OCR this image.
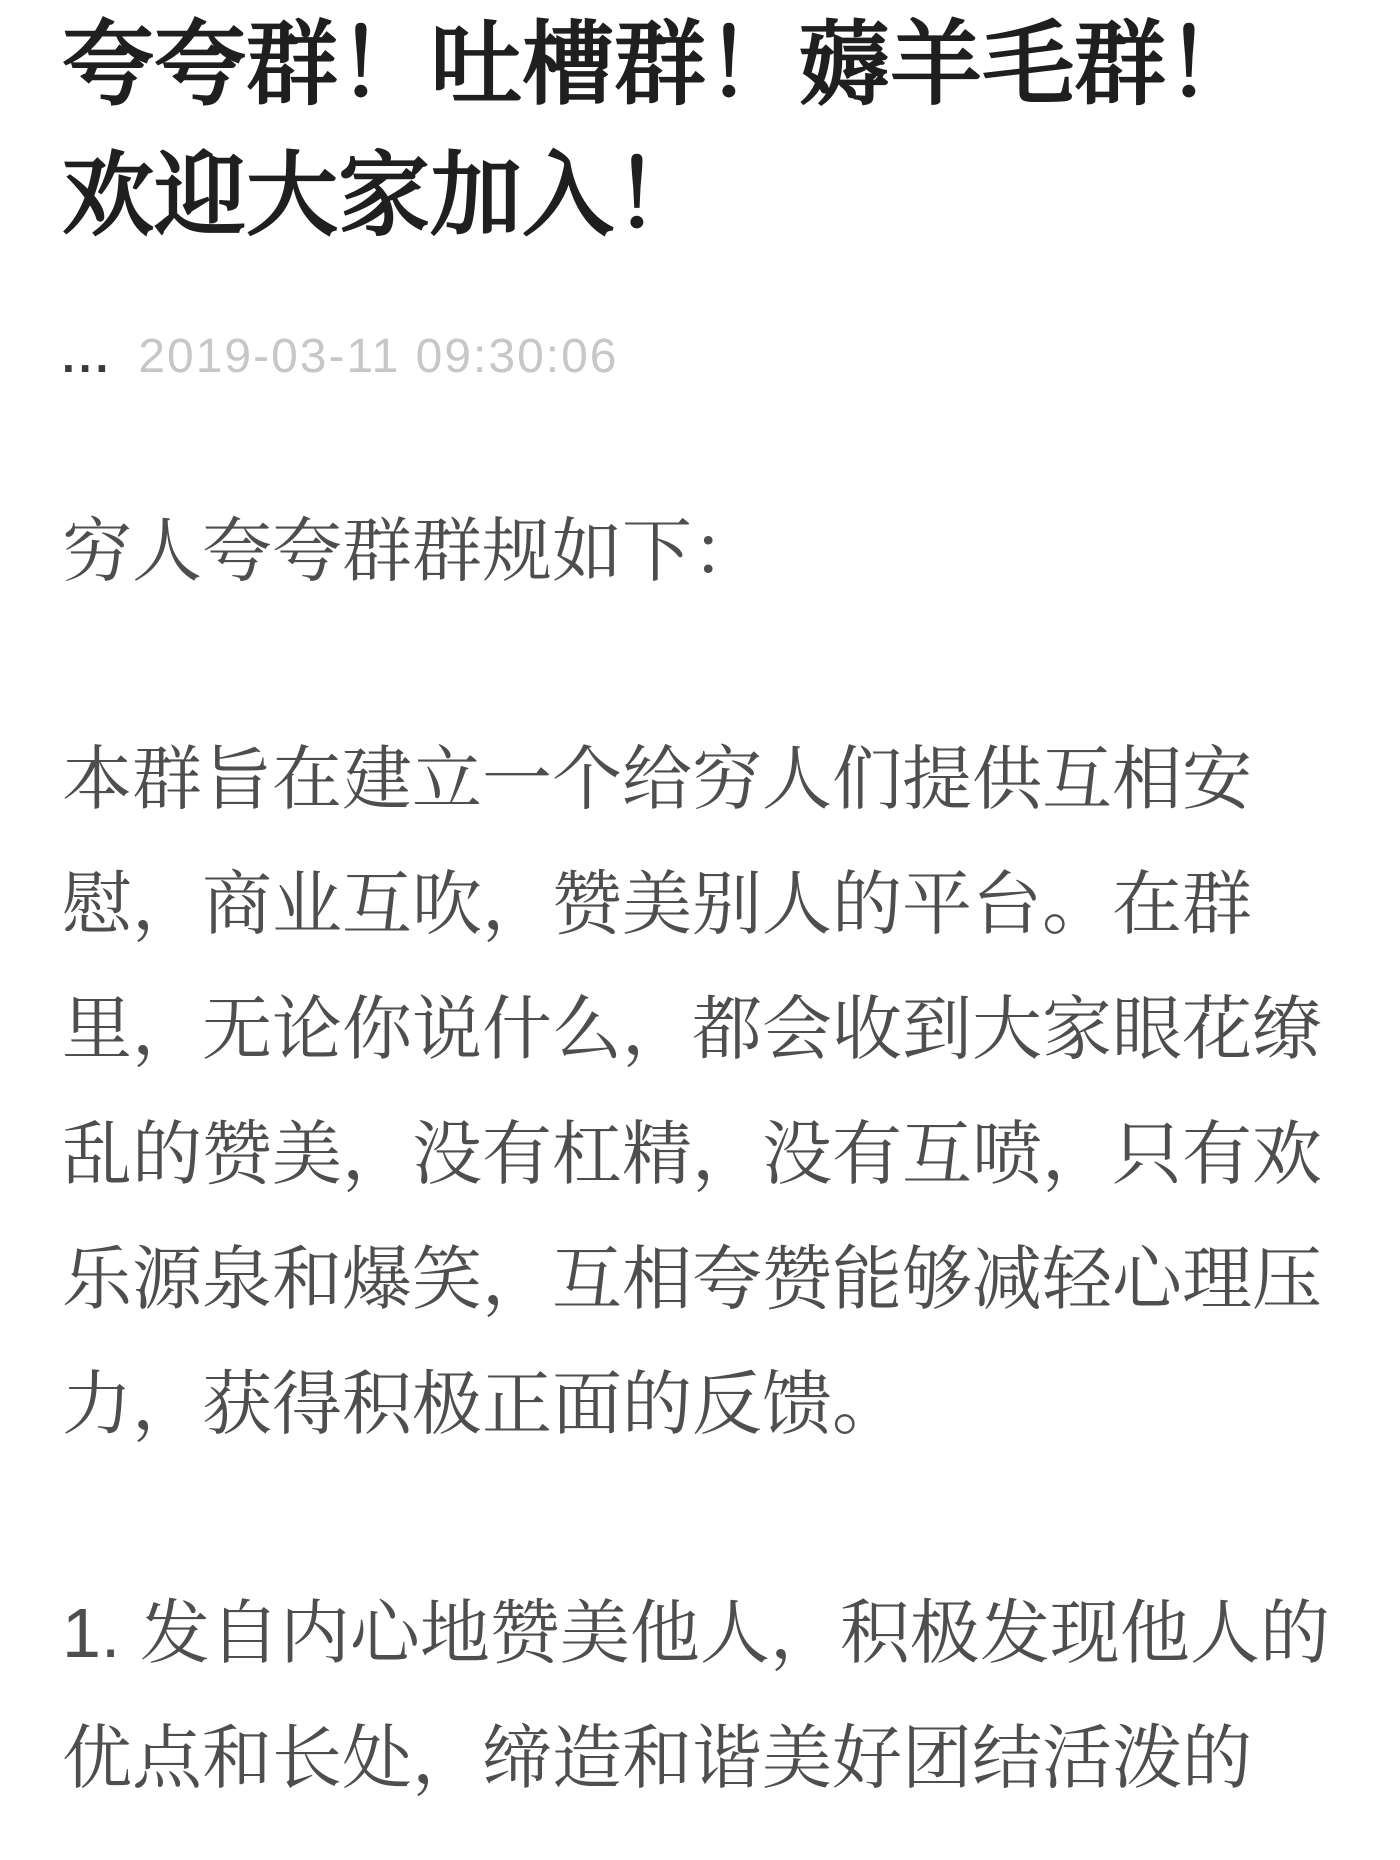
夸夸群！吐槽群！薅羊毛群！欢迎大家加入！
... 2019-03-11 09:30:06

穷人夸夸群群规如下：

本群旨在建立一个给穷人们提供互相安慰，商业互吹，赞美别人的平台。在群里，无论你说什么，都会收到大家眼花缭乱的赞美，没有杠精，没有互喷，只有欢乐源泉和爆笑，互相夸赞能够减轻心理压力，获得积极正面的反馈。

1. 发自内心地赞美他人，积极发现他人的优点和长处，缔造和谐美好团结活泼的
